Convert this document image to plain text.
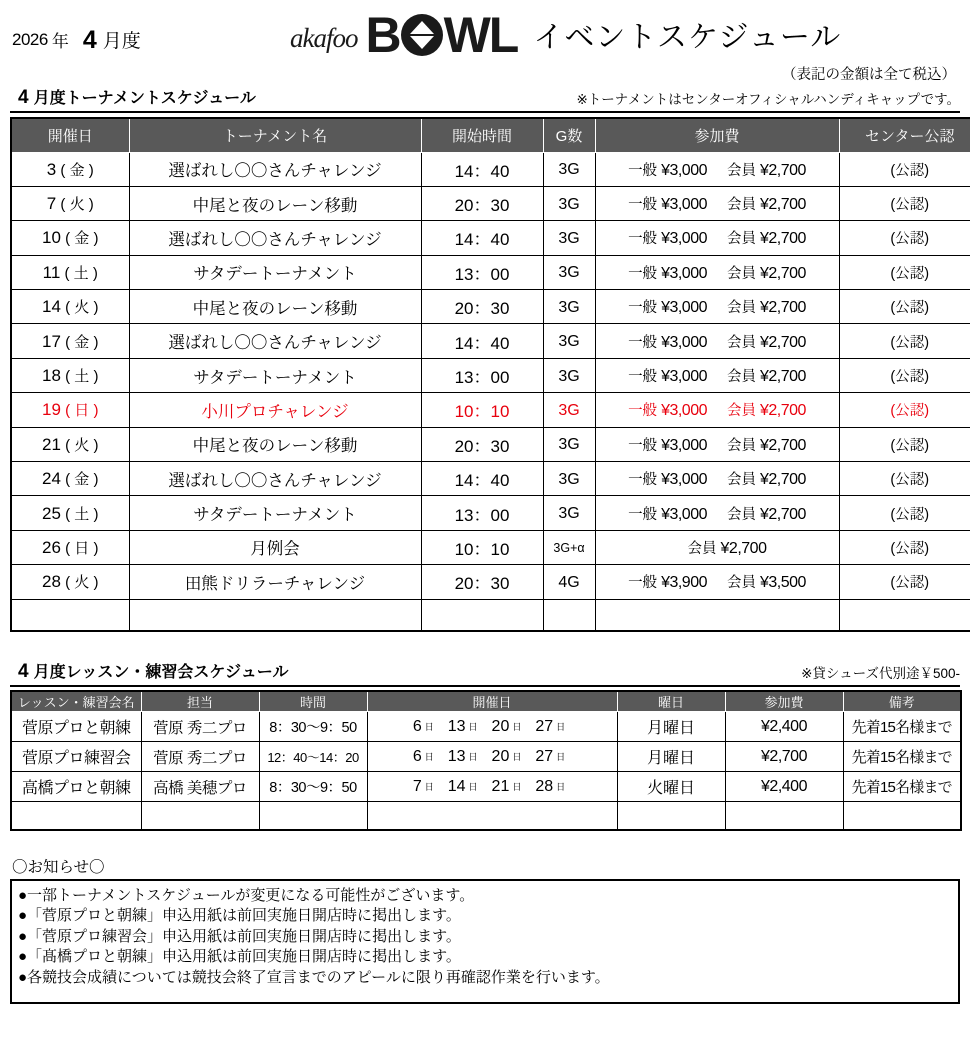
2026 年 4 月度	akafoo B WL イベントスケジュール
（表記の金額は全て税込）
4 月度トーナメントスケジュール	※トーナメントはセンターオフィシャルハンディキャップです。
開催日	トーナメント名	開始時間	G数	参加費	センター公認
3 ( 金 )	選ばれし〇〇さんチャレンジ	14：40	3G	一般 ¥3,000 会員 ¥2,700	(公認)
7 ( 火 )	中尾と夜のレーン移動	20：30	3G	一般 ¥3,000 会員 ¥2,700	(公認)
10 ( 金 )	選ばれし〇〇さんチャレンジ	14：40	3G	一般 ¥3,000 会員 ¥2,700	(公認)
11 ( 土 )	サタデートーナメント	13：00	3G	一般 ¥3,000 会員 ¥2,700	(公認)
14 ( 火 )	中尾と夜のレーン移動	20：30	3G	一般 ¥3,000 会員 ¥2,700	(公認)
17 ( 金 )	選ばれし〇〇さんチャレンジ	14：40	3G	一般 ¥3,000 会員 ¥2,700	(公認)
18 ( 土 )	サタデートーナメント	13：00	3G	一般 ¥3,000 会員 ¥2,700	(公認)
19 ( 日 )	小川プロチャレンジ	10：10	3G	一般 ¥3,000 会員 ¥2,700	(公認)
21 ( 火 )	中尾と夜のレーン移動	20：30	3G	一般 ¥3,000 会員 ¥2,700	(公認)
24 ( 金 )	選ばれし〇〇さんチャレンジ	14：40	3G	一般 ¥3,000 会員 ¥2,700	(公認)
25 ( 土 )	サタデートーナメント	13：00	3G	一般 ¥3,000 会員 ¥2,700	(公認)
26 ( 日 )	月例会	10：10	3G+α	会員 ¥2,700	(公認)
28 ( 火 )	田熊ドリラーチャレンジ	20：30	4G	一般 ¥3,900 会員 ¥3,500	(公認)

4 月度レッスン・練習会スケジュール	※貸シューズ代別途￥500-
レッスン・練習会名	担当	時間	開催日	曜日	参加費	備考
菅原プロと朝練	菅原 秀二プロ	8：30～9：50	6 日 13 日 20 日 27 日	月曜日	¥2,400	先着15名様まで
菅原プロ練習会	菅原 秀二プロ	12：40～14：20	6 日 13 日 20 日 27 日	月曜日	¥2,700	先着15名様まで
高橋プロと朝練	高橋 美穂プロ	8：30～9：50	7 日 14 日 21 日 28 日	火曜日	¥2,400	先着15名様まで

〇お知らせ〇
●一部トーナメントスケジュールが変更になる可能性がございます。
●「菅原プロと朝練」申込用紙は前回実施日開店時に掲出します。
●「菅原プロ練習会」申込用紙は前回実施日開店時に掲出します。
●「髙橋プロと朝練」申込用紙は前回実施日開店時に掲出します。
●各競技会成績については競技会終了宣言までのアピールに限り再確認作業を行います。
